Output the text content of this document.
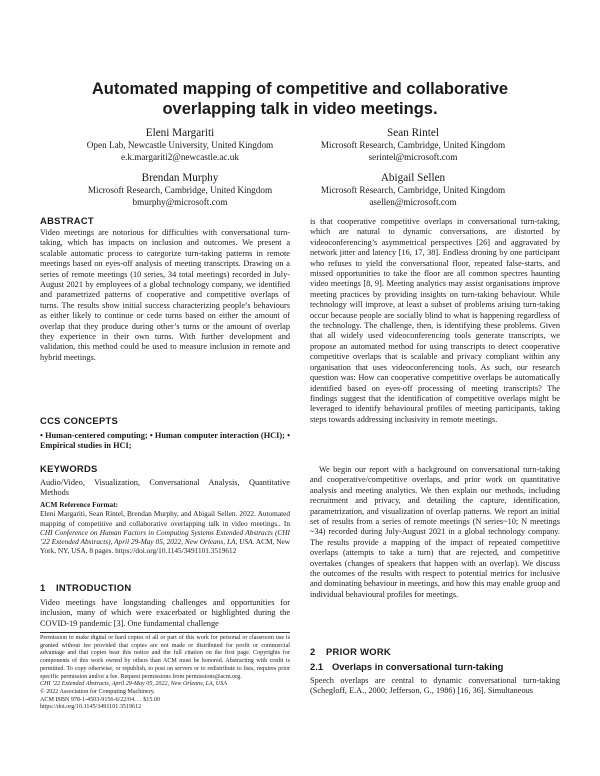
Automated mapping of competitive and collaborative
overlapping talk in video meetings.
Eleni Margariti
Open Lab, Newcastle University, United Kingdom
e.k.margariti2@newcastle.ac.uk
Sean Rintel
Microsoft Research, Cambridge, United Kingdom
serintel@microsoft.com
Brendan Murphy
Microsoft Research, Cambridge, United Kingdom
bmurphy@microsoft.com
Abigail Sellen
Microsoft Research, Cambridge, United Kingdom
asellen@microsoft.com
ABSTRACT
Video meetings are notorious for difficulties with conversational turn-taking, which has impacts on inclusion and outcomes. We present a scalable automatic process to categorize turn-taking patterns in remote meetings based on eyes-off analysis of meeting transcripts. Drawing on a series of remote meetings (10 series, 34 total meetings) recorded in July-August 2021 by employees of a global technology company, we identified and parametrized patterns of cooperative and competitive overlaps of turns. The results show initial success characterizing people’s behaviours as either likely to continue or cede turns based on either the amount of overlap that they produce during other’s turns or the amount of overlap they experience in their own turns. With further development and validation, this method could be used to measure inclusion in remote and hybrid meetings.
CCS CONCEPTS
• Human-centered computing; • Human computer interaction (HCI); • Empirical studies in HCI;
KEYWORDS
Audio/Video, Visualization, Conversational Analysis, Quantitative Methods
ACM Reference Format:
Eleni Margariti, Sean Rintel, Brendan Murphy, and Abigail Sellen. 2022. Automated mapping of competitive and collaborative overlapping talk in video meetings.. In CHI Conference on Human Factors in Computing Systems Extended Abstracts (CHI ’22 Extended Abstracts), April 29-May 05, 2022, New Orleans, LA, USA. ACM, New York, NY, USA, 8 pages. https://doi.org/10.1145/3491101.3519612
1 INTRODUCTION
Video meetings have longstanding challenges and opportunities for inclusion, many of which were exacerbated or highlighted during the COVID-19 pandemic [3]. One fundamental challenge
Permission to make digital or hard copies of all or part of this work for personal or classroom use is granted without fee provided that copies are not made or distributed for profit or commercial advantage and that copies bear this notice and the full citation on the first page. Copyrights for components of this work owned by others than ACM must be honored. Abstracting with credit is permitted. To copy otherwise, or republish, to post on servers or to redistribute to lists, requires prior specific permission and/or a fee. Request permissions from permissions@acm.org.
CHI ’22 Extended Abstracts, April 29-May 05, 2022, New Orleans, LA, USA
© 2022 Association for Computing Machinery.
ACM ISBN 978-1-4503-9156-6/22/04. . . $15.00
https://doi.org/10.1145/3491101.3519612
is that cooperative competitive overlaps in conversational turn-taking, which are natural to dynamic conversations, are distorted by videoconferencing’s asymmetrical perspectives [26] and aggravated by network jitter and latency [16, 17, 38]. Endless droning by one participant who refuses to yield the conversational floor, repeated false-starts, and missed opportunities to take the floor are all common spectres haunting video meetings [8, 9]. Meeting analytics may assist organisations improve meeting practices by providing insights on turn-taking behaviour. While technology will improve, at least a subset of problems arising turn-taking occur because people are socially blind to what is happening regardless of the technology. The challenge, then, is identifying these problems. Given that all widely used videoconferencing tools generate transcripts, we propose an automated method for using transcripts to detect cooperative competitive overlaps that is scalable and privacy compliant within any organisation that uses videoconferencing tools. As such, our research question was: How can cooperative competitive overlaps be automatically identified based on eyes-off processing of meeting transcripts? The findings suggest that the identification of competitive overlaps might be leveraged to identify behavioural profiles of meeting participants, taking steps towards addressing inclusivity in remote meetings.
We begin our report with a background on conversational turn-taking and cooperative/competitive overlaps, and prior work on quantitative analysis and meeting analytics. We then explain our methods, including recruitment and privacy, and detailing the capture, identification, parametrization, and visualization of overlap patterns. We report an initial set of results from a series of remote meetings (N series~10; N meetings ~34) recorded during July-August 2021 in a global technology company. The results provide a mapping of the impact of repeated competitive overlaps (attempts to take a turn) that are rejected, and competitive overtakes (changes of speakers that happen with an overlap). We discuss the outcomes of the results with respect to potential metrics for inclusive and dominating behaviour in meetings, and how this may enable group and individual behavioural profiles for meetings.
2 PRIOR WORK
2.1 Overlaps in conversational turn-taking
Speech overlaps are central to dynamic conversational turn-taking (Schegloff, E.A., 2000; Jefferson, G., 1986) [16, 36]. Simultaneous
